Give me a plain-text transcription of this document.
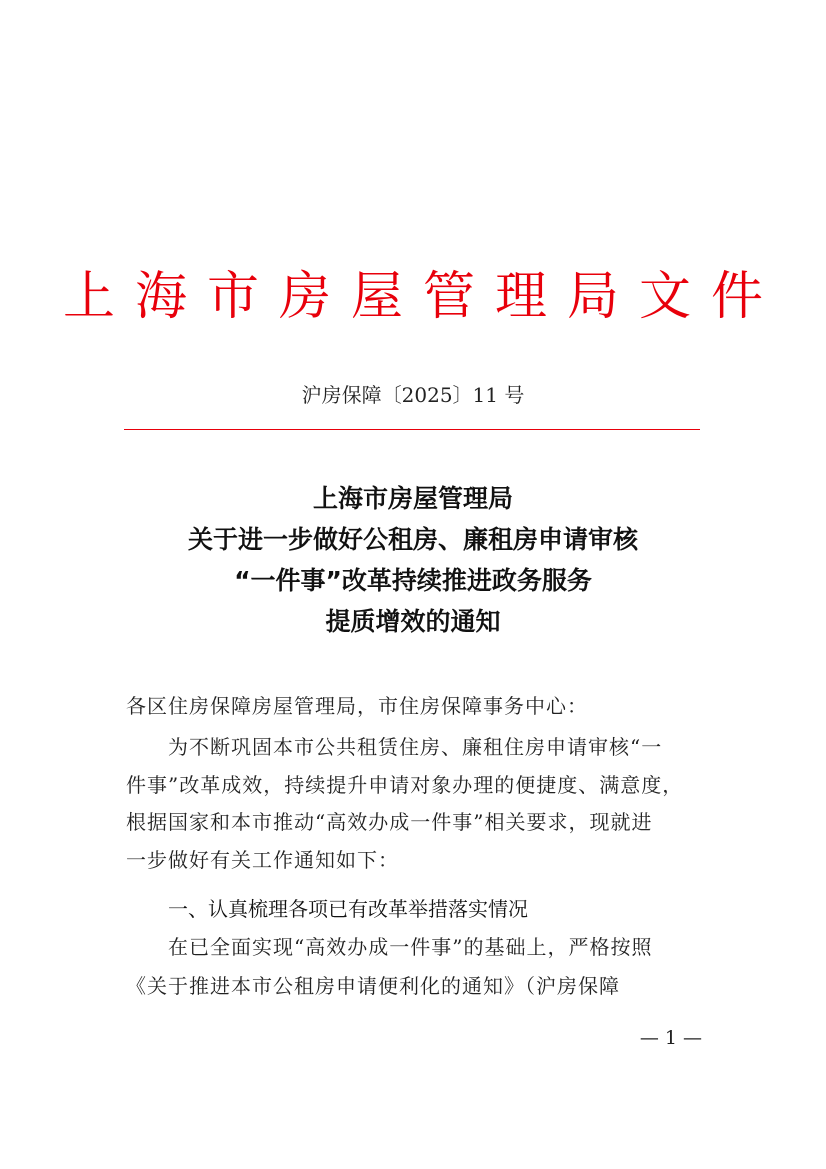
上海市房屋管理局文件
沪房保障〔2025〕11 号
上海市房屋管理局
关于进一步做好公租房、廉租房申请审核
“一件事”改革持续推进政务服务
提质增效的通知
各区住房保障房屋管理局，市住房保障事务中心：
为不断巩固本市公共租赁住房、廉租住房申请审核“一
件事”改革成效，持续提升申请对象办理的便捷度、满意度，
根据国家和本市推动“高效办成一件事”相关要求，现就进
一步做好有关工作通知如下：
一、认真梳理各项已有改革举措落实情况
在已全面实现“高效办成一件事”的基础上，严格按照
《关于推进本市公租房申请便利化的通知》（沪房保障
— 1 —
